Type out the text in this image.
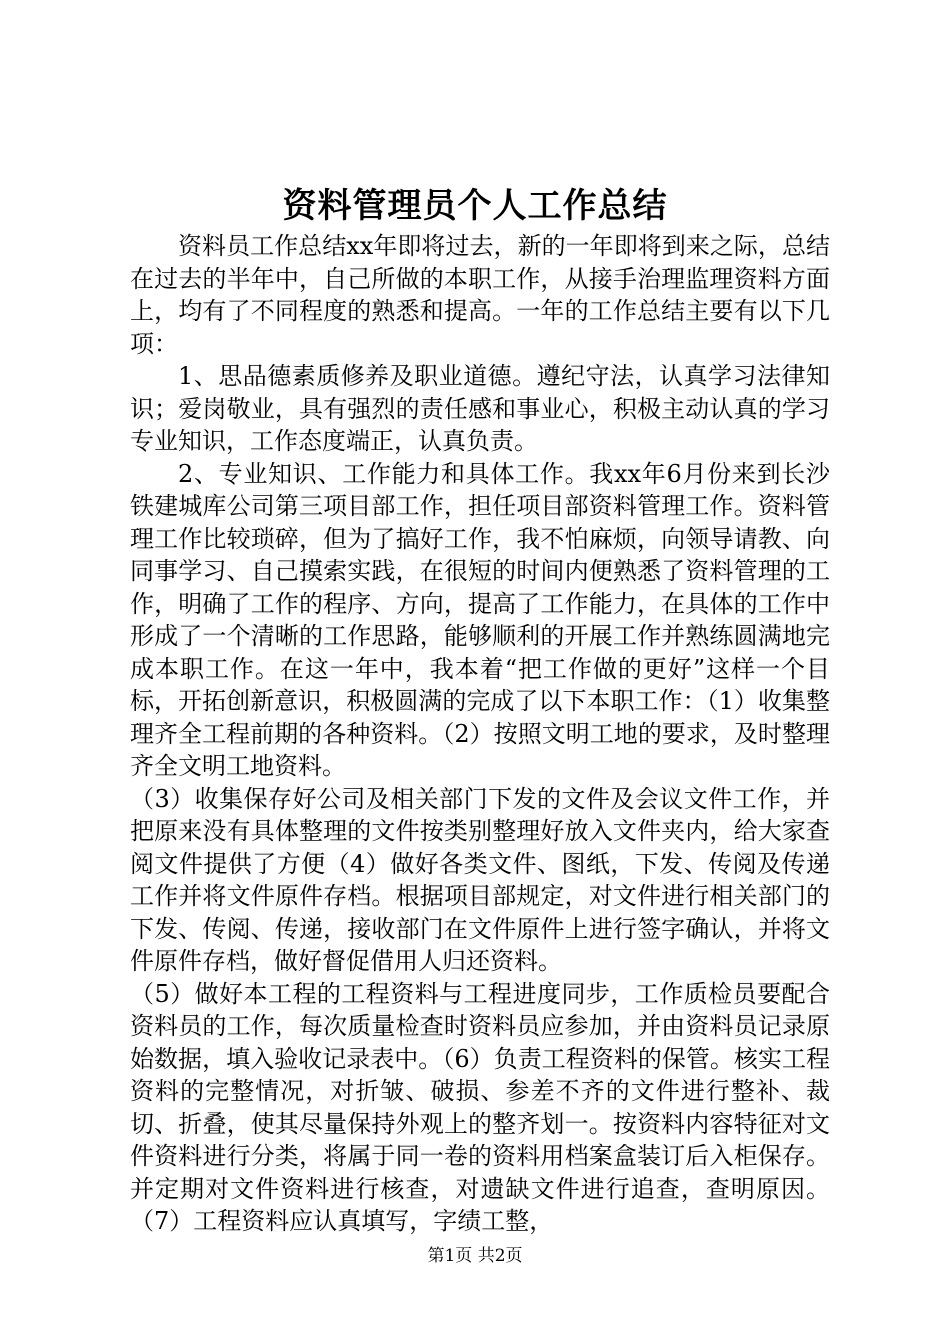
资料管理员个人工作总结

资料员工作总结xx年即将过去，新的一年即将到来之际，总结在过去的半年中，自己所做的本职工作，从接手治理监理资料方面上，均有了不同程度的熟悉和提高。一年的工作总结主要有以下几项：

1、思品德素质修养及职业道德。遵纪守法，认真学习法律知识；爱岗敬业，具有强烈的责任感和事业心，积极主动认真的学习专业知识，工作态度端正，认真负责。

2、专业知识、工作能力和具体工作。我xx年6月份来到长沙铁建城库公司第三项目部工作，担任项目部资料管理工作。资料管理工作比较琐碎，但为了搞好工作，我不怕麻烦，向领导请教、向同事学习、自己摸索实践，在很短的时间内便熟悉了资料管理的工作，明确了工作的程序、方向，提高了工作能力，在具体的工作中形成了一个清晰的工作思路，能够顺利的开展工作并熟练圆满地完成本职工作。在这一年中，我本着“把工作做的更好”这样一个目标，开拓创新意识，积极圆满的完成了以下本职工作：（1）收集整理齐全工程前期的各种资料。（2）按照文明工地的要求，及时整理齐全文明工地资料。

（3）收集保存好公司及相关部门下发的文件及会议文件工作，并把原来没有具体整理的文件按类别整理好放入文件夹内，给大家查阅文件提供了方便（4）做好各类文件、图纸，下发、传阅及传递工作并将文件原件存档。根据项目部规定，对文件进行相关部门的下发、传阅、传递，接收部门在文件原件上进行签字确认，并将文件原件存档，做好督促借用人归还资料。

（5）做好本工程的工程资料与工程进度同步，工作质检员要配合资料员的工作，每次质量检查时资料员应参加，并由资料员记录原始数据，填入验收记录表中。（6）负责工程资料的保管。核实工程资料的完整情况，对折皱、破损、参差不齐的文件进行整补、裁切、折叠，使其尽量保持外观上的整齐划一。按资料内容特征对文件资料进行分类，将属于同一卷的资料用档案盒装订后入柜保存。并定期对文件资料进行核查，对遗缺文件进行追查，查明原因。（7）工程资料应认真填写，字绩工整，

第1页 共2页
